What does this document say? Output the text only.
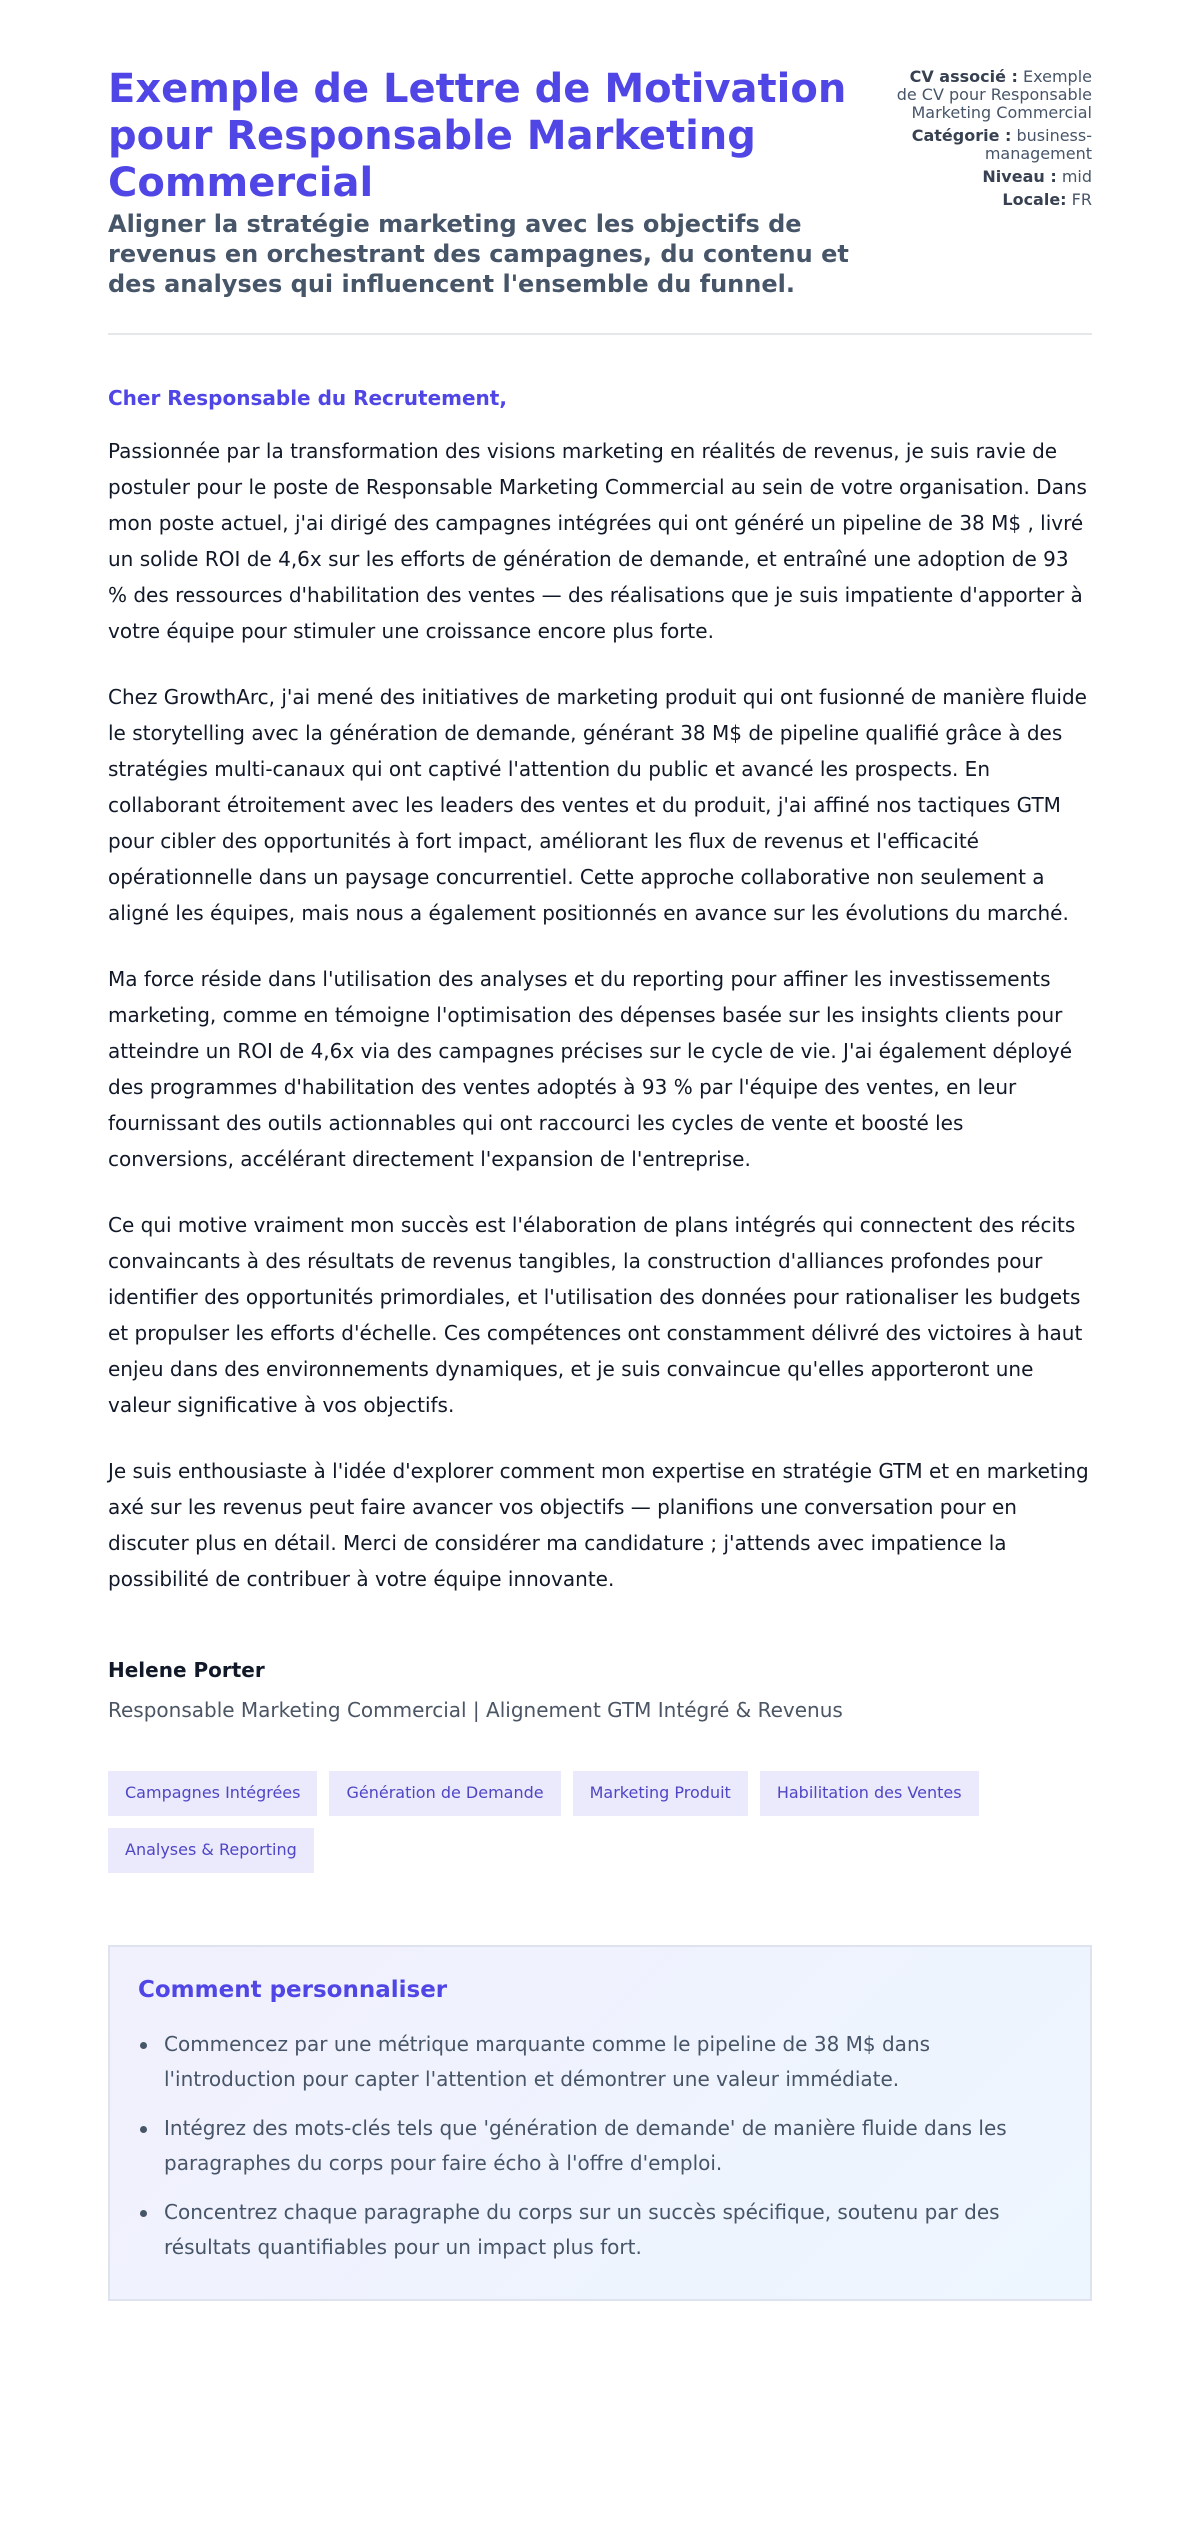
Exemple de Lettre de Motivation pour Responsable Marketing Commercial
Aligner la stratégie marketing avec les objectifs de revenus en orchestrant des campagnes, du contenu et des analyses qui influencent l'ensemble du funnel.
CV associé : Exemple de CV pour Responsable Marketing Commercial
Catégorie : business-management
Niveau : mid
Locale: FR

Cher Responsable du Recrutement,

Passionnée par la transformation des visions marketing en réalités de revenus, je suis ravie de postuler pour le poste de Responsable Marketing Commercial au sein de votre organisation. Dans mon poste actuel, j'ai dirigé des campagnes intégrées qui ont généré un pipeline de 38 M$ , livré un solide ROI de 4,6x sur les efforts de génération de demande, et entraîné une adoption de 93 % des ressources d'habilitation des ventes — des réalisations que je suis impatiente d'apporter à votre équipe pour stimuler une croissance encore plus forte.

Chez GrowthArc, j'ai mené des initiatives de marketing produit qui ont fusionné de manière fluide le storytelling avec la génération de demande, générant 38 M$ de pipeline qualifié grâce à des stratégies multi-canaux qui ont captivé l'attention du public et avancé les prospects. En collaborant étroitement avec les leaders des ventes et du produit, j'ai affiné nos tactiques GTM pour cibler des opportunités à fort impact, améliorant les flux de revenus et l'efficacité opérationnelle dans un paysage concurrentiel. Cette approche collaborative non seulement a aligné les équipes, mais nous a également positionnés en avance sur les évolutions du marché.

Ma force réside dans l'utilisation des analyses et du reporting pour affiner les investissements marketing, comme en témoigne l'optimisation des dépenses basée sur les insights clients pour atteindre un ROI de 4,6x via des campagnes précises sur le cycle de vie. J'ai également déployé des programmes d'habilitation des ventes adoptés à 93 % par l'équipe des ventes, en leur fournissant des outils actionnables qui ont raccourci les cycles de vente et boosté les conversions, accélérant directement l'expansion de l'entreprise.

Ce qui motive vraiment mon succès est l'élaboration de plans intégrés qui connectent des récits convaincants à des résultats de revenus tangibles, la construction d'alliances profondes pour identifier des opportunités primordiales, et l'utilisation des données pour rationaliser les budgets et propulser les efforts d'échelle. Ces compétences ont constamment délivré des victoires à haut enjeu dans des environnements dynamiques, et je suis convaincue qu'elles apporteront une valeur significative à vos objectifs.

Je suis enthousiaste à l'idée d'explorer comment mon expertise en stratégie GTM et en marketing axé sur les revenus peut faire avancer vos objectifs — planifions une conversation pour en discuter plus en détail. Merci de considérer ma candidature ; j'attends avec impatience la possibilité de contribuer à votre équipe innovante.

Helene Porter
Responsable Marketing Commercial | Alignement GTM Intégré & Revenus
Campagnes Intégrées	Génération de Demande	Marketing Produit	Habilitation des Ventes
Analyses & Reporting
Comment personnaliser
Commencez par une métrique marquante comme le pipeline de 38 M$ dans l'introduction pour capter l'attention et démontrer une valeur immédiate.
Intégrez des mots-clés tels que 'génération de demande' de manière fluide dans les paragraphes du corps pour faire écho à l'offre d'emploi.
Concentrez chaque paragraphe du corps sur un succès spécifique, soutenu par des résultats quantifiables pour un impact plus fort.
